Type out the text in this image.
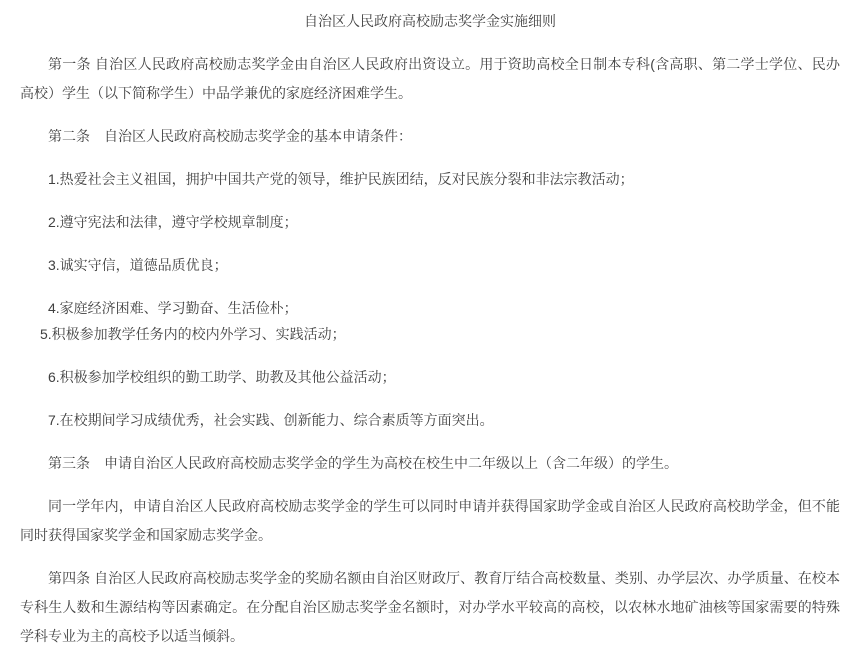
自治区人民政府高校励志奖学金实施细则

第一条 自治区人民政府高校励志奖学金由自治区人民政府出资设立。用于资助高校全日制本专科(含高职、第二学士学位、民办高校）学生（以下简称学生）中品学兼优的家庭经济困难学生。

第二条　自治区人民政府高校励志奖学金的基本申请条件：

1.热爱社会主义祖国，拥护中国共产党的领导，维护民族团结，反对民族分裂和非法宗教活动；

2.遵守宪法和法律，遵守学校规章制度；

3.诚实守信，道德品质优良；

4.家庭经济困难、学习勤奋、生活俭朴；

5.积极参加教学任务内的校内外学习、实践活动；

6.积极参加学校组织的勤工助学、助教及其他公益活动；

7.在校期间学习成绩优秀，社会实践、创新能力、综合素质等方面突出。

第三条　申请自治区人民政府高校励志奖学金的学生为高校在校生中二年级以上（含二年级）的学生。

同一学年内，申请自治区人民政府高校励志奖学金的学生可以同时申请并获得国家助学金或自治区人民政府高校助学金，但不能同时获得国家奖学金和国家励志奖学金。

第四条 自治区人民政府高校励志奖学金的奖励名额由自治区财政厅、教育厅结合高校数量、类别、办学层次、办学质量、在校本专科生人数和生源结构等因素确定。在分配自治区励志奖学金名额时，对办学水平较高的高校，以农林水地矿油核等国家需要的特殊学科专业为主的高校予以适当倾斜。
